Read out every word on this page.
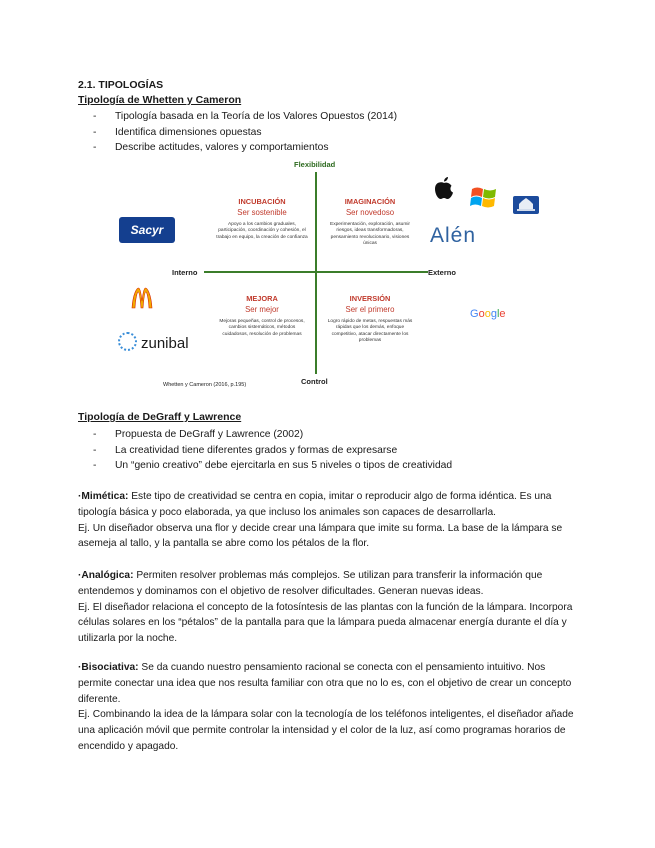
2.1. TIPOLOGÍAS
Tipología de Whetten y Cameron
- Tipología basada en la Teoría de los Valores Opuestos (2014)
- Identifica dimensiones opuestas
- Describe actitudes, valores y comportamientos
Flexibilidad
Control
Interno	Externo
INCUBACIÓN
Ser sostenible
Apoyo a los cambios graduales, participación, coordinación y cohesión, el trabajo en equipo, la creación de confianza
IMAGINACIÓN
Ser novedoso
Experimentación, exploración, asumir riesgos, ideas transformadoras, pensamiento revolucionario, visiones únicas
MEJORA
Ser mejor
Mejoras pequeñas, control de procesos, cambios sistemáticos, métodos cuidadosos, resolución de problemas
INVERSIÓN
Ser el primero
Logro rápido de metas, respuestas más rápidas que los demás, enfoque competitivo, atacar directamente los problemas
Whetten y Cameron (2016, p.195)
Sacyr
zunibal
Alén
Google
Tipología de DeGraff y Lawrence
- Propuesta de DeGraff y Lawrence (2002)
- La creatividad tiene diferentes grados y formas de expresarse
- Un “genio creativo” debe ejercitarla en sus 5 niveles o tipos de creatividad

·Mimética: Este tipo de creatividad se centra en copia, imitar o reproducir algo de forma idéntica. Es una tipología básica y poco elaborada, ya que incluso los animales son capaces de desarrollarla.
Ej. Un diseñador observa una flor y decide crear una lámpara que imite su forma. La base de la lámpara se asemeja al tallo, y la pantalla se abre como los pétalos de la flor.

·Analógica: Permiten resolver problemas más complejos. Se utilizan para transferir la información que entendemos y dominamos con el objetivo de resolver dificultades. Generan nuevas ideas.
Ej. El diseñador relaciona el concepto de la fotosíntesis de las plantas con la función de la lámpara. Incorpora células solares en los “pétalos” de la pantalla para que la lámpara pueda almacenar energía durante el día y utilizarla por la noche.

·Bisociativa: Se da cuando nuestro pensamiento racional se conecta con el pensamiento intuitivo. Nos permite conectar una idea que nos resulta familiar con otra que no lo es, con el objetivo de crear un concepto diferente.
Ej. Combinando la idea de la lámpara solar con la tecnología de los teléfonos inteligentes, el diseñador añade una aplicación móvil que permite controlar la intensidad y el color de la luz, así como programas horarios de encendido y apagado.
